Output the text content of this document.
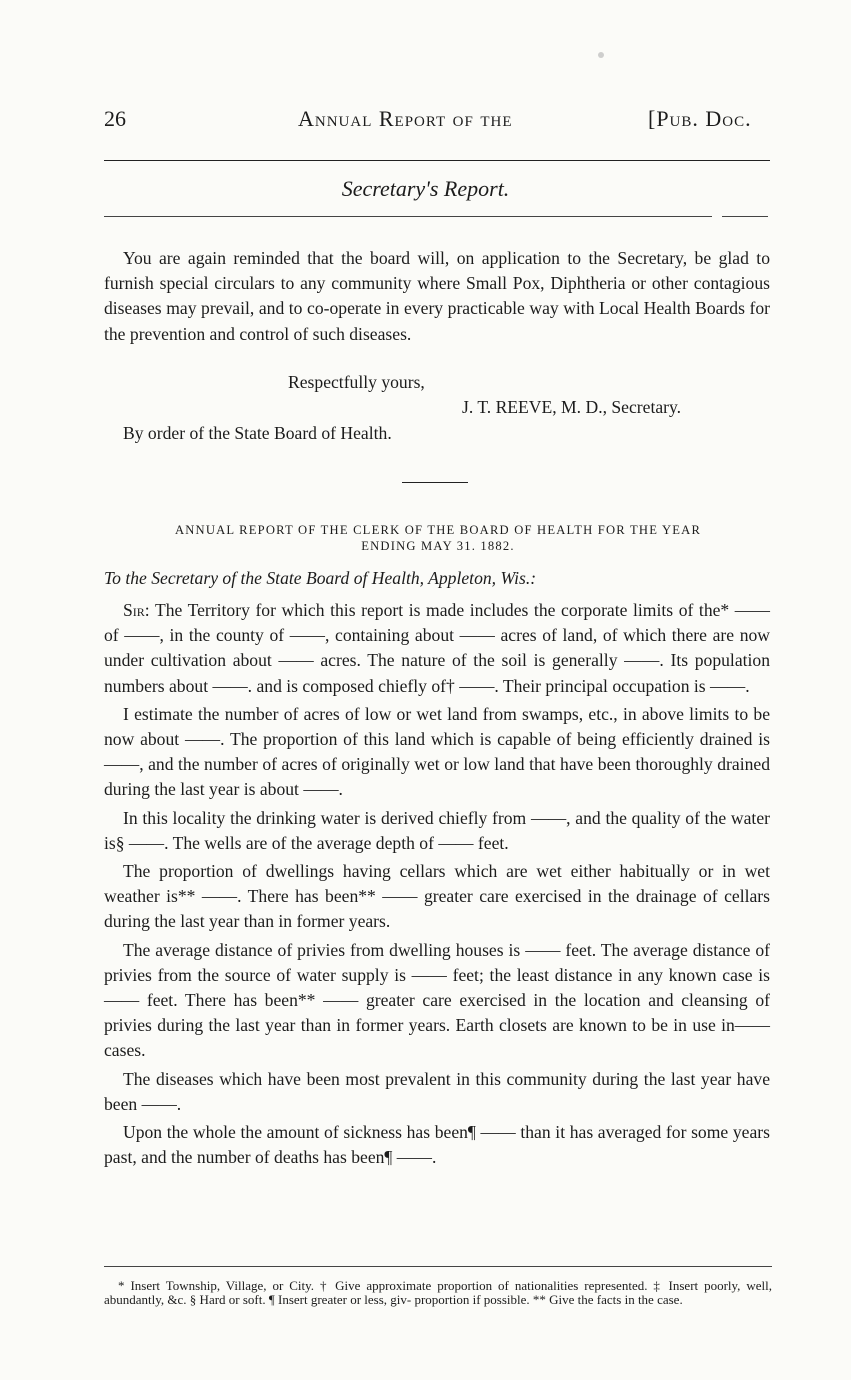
26	Annual Report of the	[Pub. Doc.
Secretary's Report.

You are again reminded that the board will, on application to the Secretary, be glad to furnish special circulars to any community where Small Pox, Diphtheria or other contagious diseases may prevail, and to co-operate in every practicable way with Local Health Boards for the prevention and control of such diseases.

Respectfully yours,
J. T. REEVE, M. D., Secretary.
By order of the State Board of Health.
ANNUAL REPORT OF THE CLERK OF THE BOARD OF HEALTH FOR THE YEAR
ENDING MAY 31. 1882.
To the Secretary of the State Board of Health, Appleton, Wis.:

Sir: The Territory for which this report is made includes the corporate limits of the* —— of ——, in the county of ——, containing about —— acres of land, of which there are now under cultivation about —— acres. The nature of the soil is generally ——. Its population numbers about ——. and is composed chiefly of† ——. Their principal occupation is ——.

I estimate the number of acres of low or wet land from swamps, etc., in above limits to be now about ——. The proportion of this land which is capable of being efficiently drained is ——, and the number of acres of originally wet or low land that have been thoroughly drained during the last year is about ——.

In this locality the drinking water is derived chiefly from ——, and the quality of the water is§ ——. The wells are of the average depth of —— feet.

The proportion of dwellings having cellars which are wet either habitually or in wet weather is** ——. There has been** —— greater care exercised in the drainage of cellars during the last year than in former years.

The average distance of privies from dwelling houses is —— feet. The average distance of privies from the source of water supply is —— feet; the least distance in any known case is —— feet. There has been** —— greater care exercised in the location and cleansing of privies during the last year than in former years. Earth closets are known to be in use in—— cases.

The diseases which have been most prevalent in this community during the last year have been ——.

Upon the whole the amount of sickness has been¶ —— than it has averaged for some years past, and the number of deaths has been¶ ——.

* Insert Township, Village, or City. † Give approximate proportion of nationalities represented. ‡ Insert poorly, well, abundantly, &c. § Hard or soft. ¶ Insert greater or less, giv- proportion if possible. ** Give the facts in the case.
